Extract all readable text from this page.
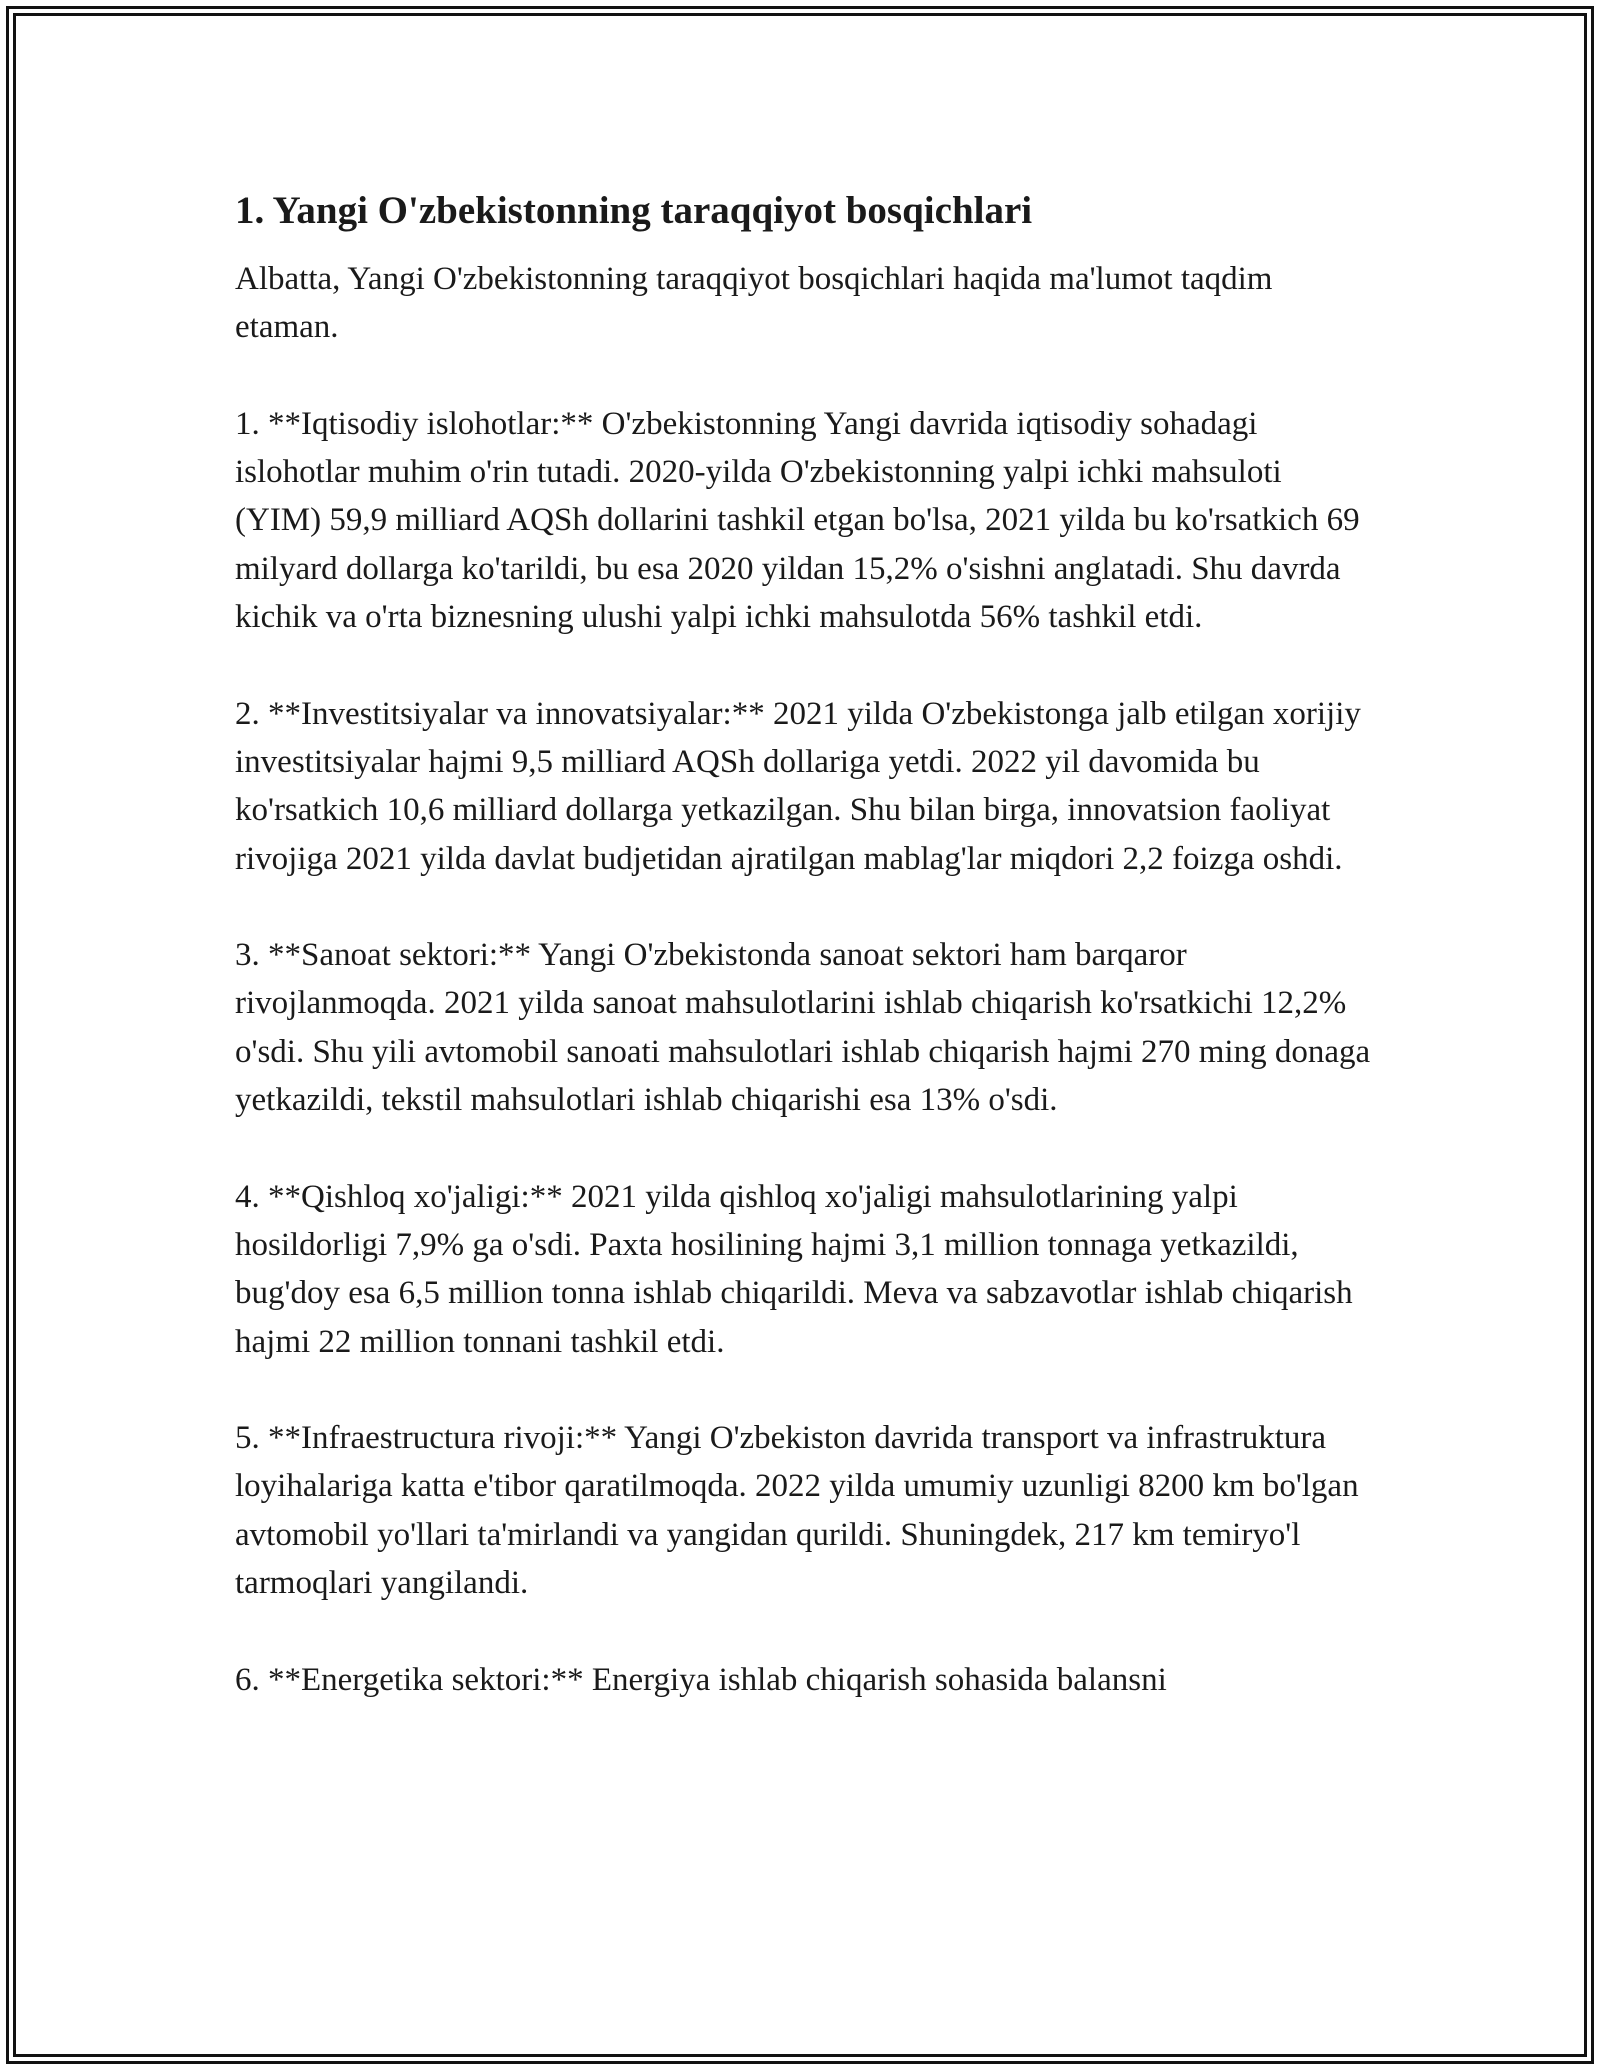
1. Yangi O'zbekistonning taraqqiyot bosqichlari

Albatta, Yangi O'zbekistonning taraqqiyot bosqichlari haqida ma'lumot taqdim etaman.

1. **Iqtisodiy islohotlar:** O'zbekistonning Yangi davrida iqtisodiy sohadagi islohotlar muhim o'rin tutadi. 2020-yilda O'zbekistonning yalpi ichki mahsuloti (YIM) 59,9 milliard AQSh dollarini tashkil etgan bo'lsa, 2021 yilda bu ko'rsatkich 69 milyard dollarga ko'tarildi, bu esa 2020 yildan 15,2% o'sishni anglatadi. Shu davrda kichik va o'rta biznesning ulushi yalpi ichki mahsulotda 56% tashkil etdi.

2. **Investitsiyalar va innovatsiyalar:** 2021 yilda O'zbekistonga jalb etilgan xorijiy investitsiyalar hajmi 9,5 milliard AQSh dollariga yetdi. 2022 yil davomida bu ko'rsatkich 10,6 milliard dollarga yetkazilgan. Shu bilan birga, innovatsion faoliyat rivojiga 2021 yilda davlat budjetidan ajratilgan mablag'lar miqdori 2,2 foizga oshdi.

3. **Sanoat sektori:** Yangi O'zbekistonda sanoat sektori ham barqaror rivojlanmoqda. 2021 yilda sanoat mahsulotlarini ishlab chiqarish ko'rsatkichi 12,2% o'sdi. Shu yili avtomobil sanoati mahsulotlari ishlab chiqarish hajmi 270 ming donaga yetkazildi, tekstil mahsulotlari ishlab chiqarishi esa 13% o'sdi.

4. **Qishloq xo'jaligi:** 2021 yilda qishloq xo'jaligi mahsulotlarining yalpi hosildorligi 7,9% ga o'sdi. Paxta hosilining hajmi 3,1 million tonnaga yetkazildi, bug'doy esa 6,5 million tonna ishlab chiqarildi. Meva va sabzavotlar ishlab chiqarish hajmi 22 million tonnani tashkil etdi.

5. **Infraestructura rivoji:** Yangi O'zbekiston davrida transport va infrastruktura loyihalariga katta e'tibor qaratilmoqda. 2022 yilda umumiy uzunligi 8200 km bo'lgan avtomobil yo'llari ta'mirlandi va yangidan qurildi. Shuningdek, 217 km temiryo'l tarmoqlari yangilandi.

6. **Energetika sektori:** Energiya ishlab chiqarish sohasida balansni
